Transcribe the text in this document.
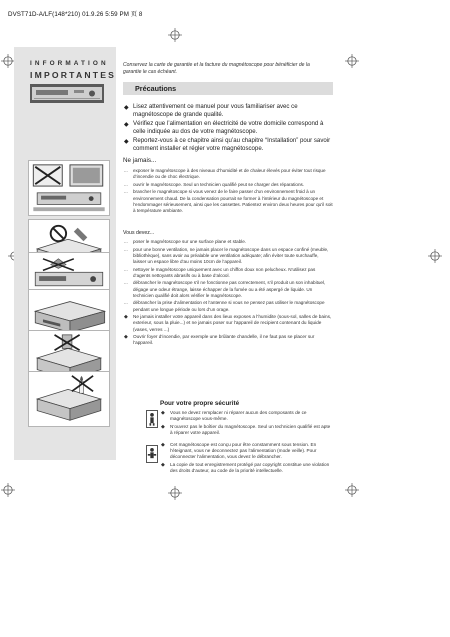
DVST71D-A/LF(148*210) 01.9.26 5:59 PM 页 8
INFORMATION
IMPORTANTES
Conservez la carte de garantie et la facture du magnétoscope pour bénéficier de la garantie le cas échéant.
Précautions
◆ Lisez attentivement ce manuel pour vous familiariser avec ce magnétoscope de grande qualité.
◆ Vérifiez que l’alimentation en électricité de votre domicile correspond à celle indiquée au dos de votre magnétoscope.
◆ Reportez-vous à ce chapitre ainsi qu’au chapitre “Installation” pour savoir comment installer et régler votre magnétoscope.
Ne jamais...
... exposer le magnétoscope à des niveaux d’humidité et de chaleur élevés pour éviter tout risque d’incendie ou de choc électrique.
... ouvrir le magnétoscope. Seul un technicien qualifié peut se charger des réparations.
... brancher le magnétoscope si vous venez de le faire passer d’un environnement froid à un environnement chaud. De la condensation pourrait se former à l’intérieur du magnétoscope et l’endommager sérieusement, ainsi que les cassettes. Patientez environ deux heures pour qu’il soit à température ambiante.
Vous devez...
... poser le magnétoscope sur une surface plane et stable.
... pour une bonne ventilation, ne jamais placer le magnétoscope dans un espace confiné (meuble, bibliothèque), sans avoir au préalable une ventilation adéquate; afin éviter toute surchauffe, laisser un espace libre d’au moins 10cm de l’appareil.
... nettoyer le magnétoscope uniquement avec un chiffon doux non pelucheux. N’utilisez pas d’agents nettoyants abrasifs ou à base d’alcool.
... débrancher le magnétoscope s’il ne fonctionne pas correctement, s’il produit un son inhabituel, dégage une odeur étrange, laisse échapper de la fumée ou a été aspergé de liquide. Un technicien qualifié doit alors vérifier le magnétoscope.
... débrancher la prise d’alimentation et l’antenne si vous ne pensez pas utiliser le magnétoscope pendant une longue période ou lors d’un orage.
◆ Ne jamais installer votre appareil dans des lieux exposes a l’humidite (sous-sol, salles de bains, exterieur, sous la pluie...) et ne jamais poser sur l’appareil de recipient contenant du liquide (vases, verres ...)
◆ Ouvrir foyer d’incendie, par exemple une brûlante chandelle, il ne faut pas se placer sur l’appareil.
Pour votre propre sécurité
◆ Vous ne devez remplacer ni réparer aucun des composants de ce magnétoscope vous-même.
◆ N’ouvrez pas le boîtier du magnétoscope. Seul un technicien qualifié est apte à réparer votre appareil.
◆ Cet magnétoscope est conçu pour être constamment sous tension. En l’éteignant, vous ne deconnectez pas l’alimentation (mode veille). Pour déconnecter l’alimentation, vous devez le débrancher.
◆ La copie de tout enregistrement protégé par copyright constitue une violation des droits d’auteur, au code de la priorité intellectuelle.
